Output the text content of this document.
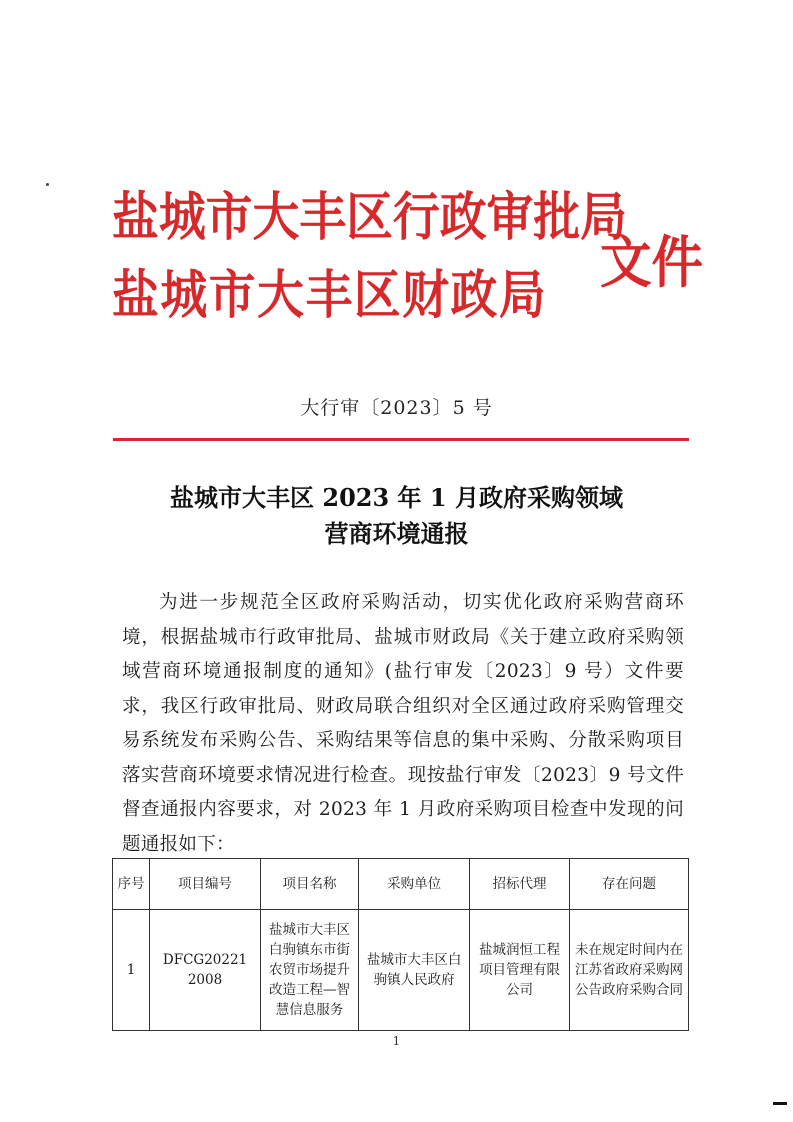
盐 城 市 大 丰 区 行 政 审 批 局
盐 城 市 大 丰 区 财 政 局 文件
大行审〔2023〕5 号
盐城市大丰区 2023 年 1 月政府采购领域
营商环境通报
为进一步规范全区政府采购活动，切实优化政府采购营商环境，根据盐城市行政审批局、盐城市财政局《关于建立政府采购领域营商环境通报制度的通知》(盐行审发〔2023〕9 号）文件要求，我区行政审批局、财政局联合组织对全区通过政府采购管理交易系统发布采购公告、采购结果等信息的集中采购、分散采购项目落实营商环境要求情况进行检查。现按盐行审发〔2023〕9 号文件督查通报内容要求，对 2023 年 1 月政府采购项目检查中发现的问题通报如下：
序号	项目编号	项目名称	采购单位	招标代理	存在问题
1	DFCG20221 2008	盐城市大丰区白驹镇东市街农贸市场提升改造工程—智慧信息服务	盐城市大丰区白驹镇人民政府	盐城润恒工程项目管理有限公司	未在规定时间内在江苏省政府采购网公告政府采购合同
1
